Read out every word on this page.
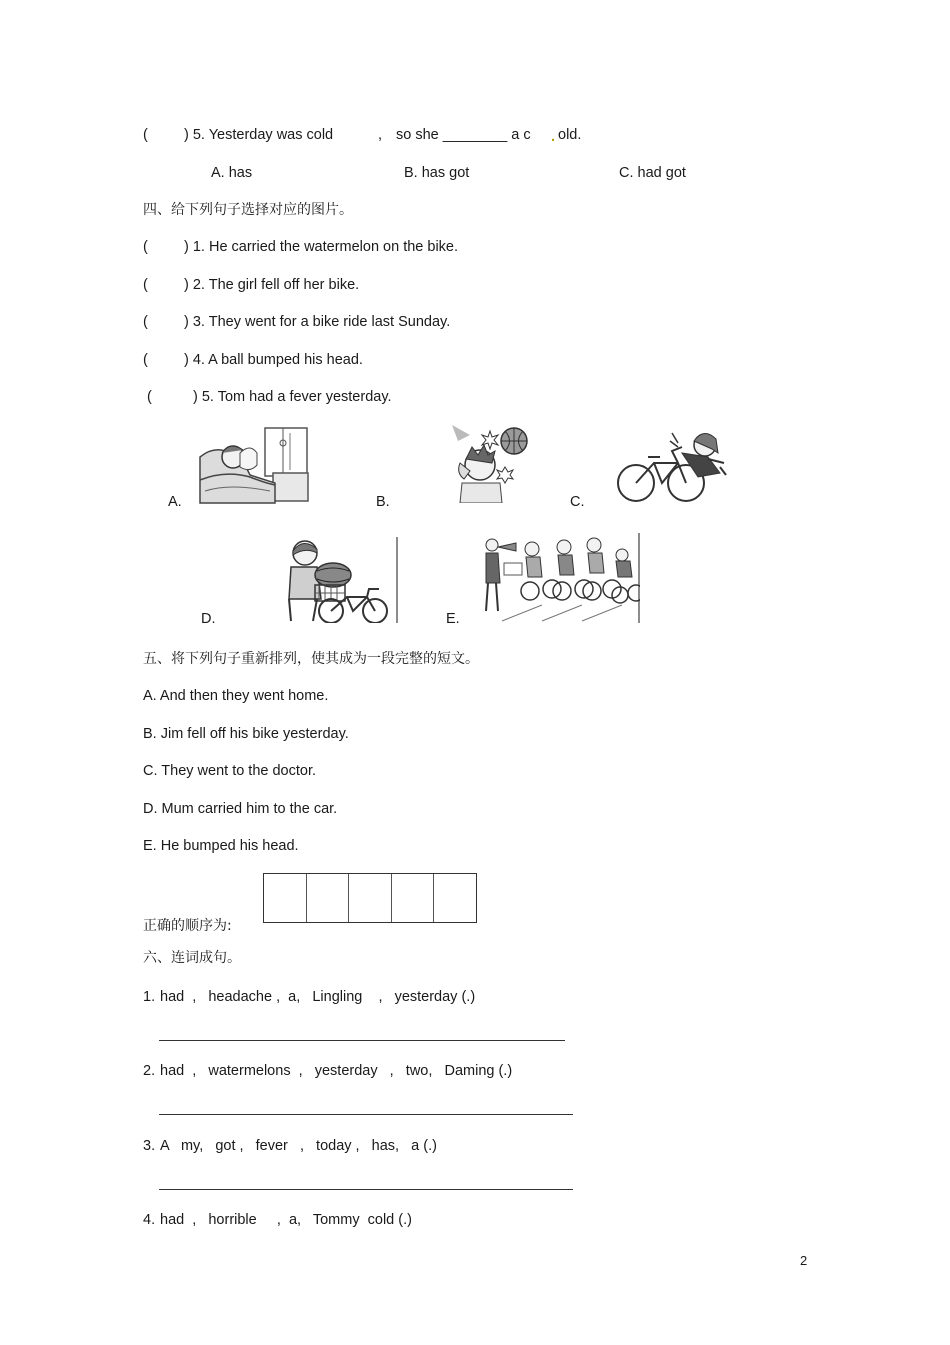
( ) 5. Yesterday was cold	, so she ________ a c . old.
A. has	B. has got	C. had got
四、给下列句子选择对应的图片。
( ) 1. He carried the watermelon on the bike.
( ) 2. The girl fell off her bike.
( ) 3. They went for a bike ride last Sunday.
( ) 4. A ball bumped his head.
(	) 5. Tom had a fever yesterday.
A.	B.	C.
D.	E.
五、将下列句子重新排列，使其成为一段完整的短文。
A. And then they went home.
B. Jim fell off his bike yesterday.
C. They went to the doctor.
D. Mum carried him to the car.
E. He bumped his head.
正确的顺序为:
六、连词成句。
1. had  ,   headache ,  a,   Lingling    ,   yesterday (.)
2. had  ,   watermelons  ,   yesterday   ,   two,   Daming (.)
3. A   my,   got ,   fever   ,   today ,   has,   a (.)
4. had  ,   horrible     ,  a,   Tommy  cold (.)
2
